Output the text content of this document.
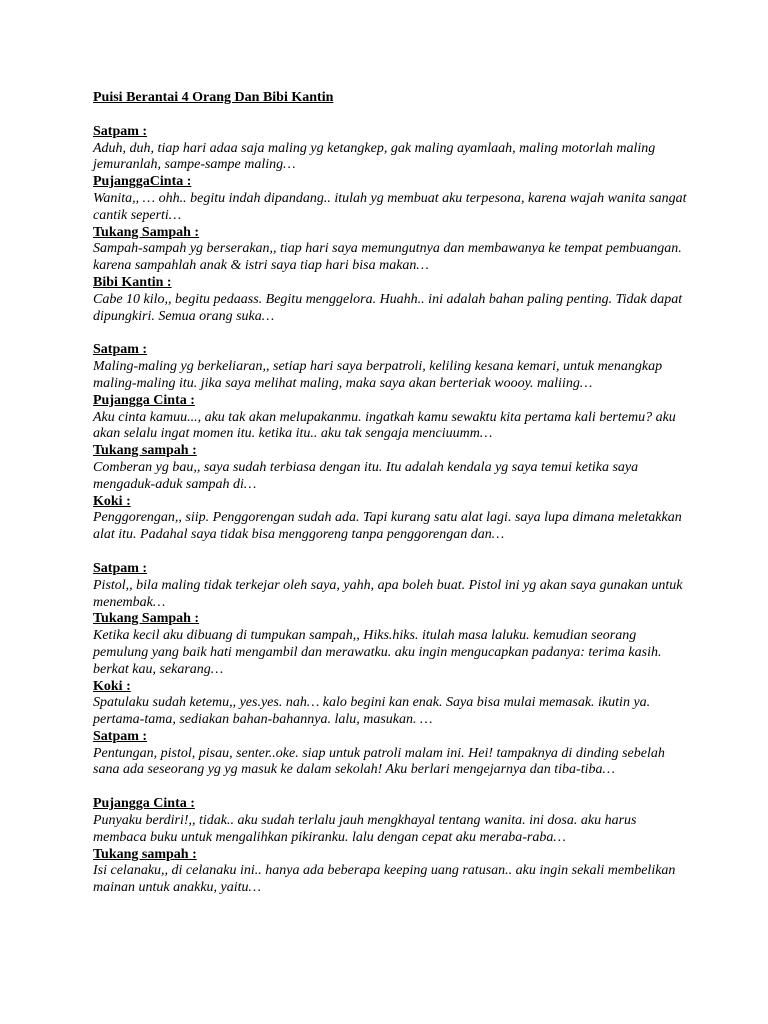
Puisi Berantai 4 Orang Dan Bibi Kantin
Satpam :
Aduh, duh, tiap hari adaa saja maling yg ketangkep, gak maling ayamlaah, maling motorlah maling jemuranlah, sampe-sampe maling…
PujanggaCinta :
Wanita,, … ohh.. begitu indah dipandang.. itulah yg membuat aku terpesona, karena wajah wanita sangat cantik seperti…
Tukang Sampah :
Sampah-sampah yg berserakan,, tiap hari saya memungutnya dan membawanya ke tempat pembuangan. karena sampahlah anak & istri saya tiap hari bisa makan…
Bibi Kantin :
Cabe 10 kilo,, begitu pedaass. Begitu menggelora. Huahh.. ini adalah bahan paling penting. Tidak dapat dipungkiri. Semua orang suka…
Satpam :
Maling-maling yg berkeliaran,, setiap hari saya berpatroli, keliling kesana kemari, untuk menangkap maling-maling itu. jika saya melihat maling, maka saya akan berteriak woooy. maliing…
Pujangga Cinta :
Aku cinta kamuu..., aku tak akan melupakanmu. ingatkah kamu sewaktu kita pertama kali bertemu? aku akan selalu ingat momen itu. ketika itu.. aku tak sengaja menciuumm…
Tukang sampah :
Comberan yg bau,, saya sudah terbiasa dengan itu. Itu adalah kendala yg saya temui ketika saya mengaduk-aduk sampah di…
Koki :
Penggorengan,, siip. Penggorengan sudah ada. Tapi kurang satu alat lagi. saya lupa dimana meletakkan alat itu. Padahal saya tidak bisa menggoreng tanpa penggorengan dan…
Satpam :
Pistol,, bila maling tidak terkejar oleh saya, yahh, apa boleh buat. Pistol ini yg akan saya gunakan untuk menembak…
Tukang Sampah :
Ketika kecil aku dibuang di tumpukan sampah,, Hiks.hiks. itulah masa laluku. kemudian seorang pemulung yang baik hati mengambil dan merawatku. aku ingin mengucapkan padanya: terima kasih. berkat kau, sekarang…
Koki :
Spatulaku sudah ketemu,, yes.yes. nah… kalo begini kan enak. Saya bisa mulai memasak. ikutin ya. pertama-tama, sediakan bahan-bahannya. lalu, masukan. …
Satpam :
Pentungan, pistol, pisau, senter..oke. siap untuk patroli malam ini. Hei! tampaknya di dinding sebelah sana ada seseorang yg yg masuk ke dalam sekolah! Aku berlari mengejarnya dan tiba-tiba…
Pujangga Cinta :
Punyaku berdiri!,, tidak.. aku sudah terlalu jauh mengkhayal tentang wanita. ini dosa. aku harus membaca buku untuk mengalihkan pikiranku. lalu dengan cepat aku meraba-raba…
Tukang sampah :
Isi celanaku,, di celanaku ini.. hanya ada beberapa keeping uang ratusan.. aku ingin sekali membelikan mainan untuk anakku, yaitu…
